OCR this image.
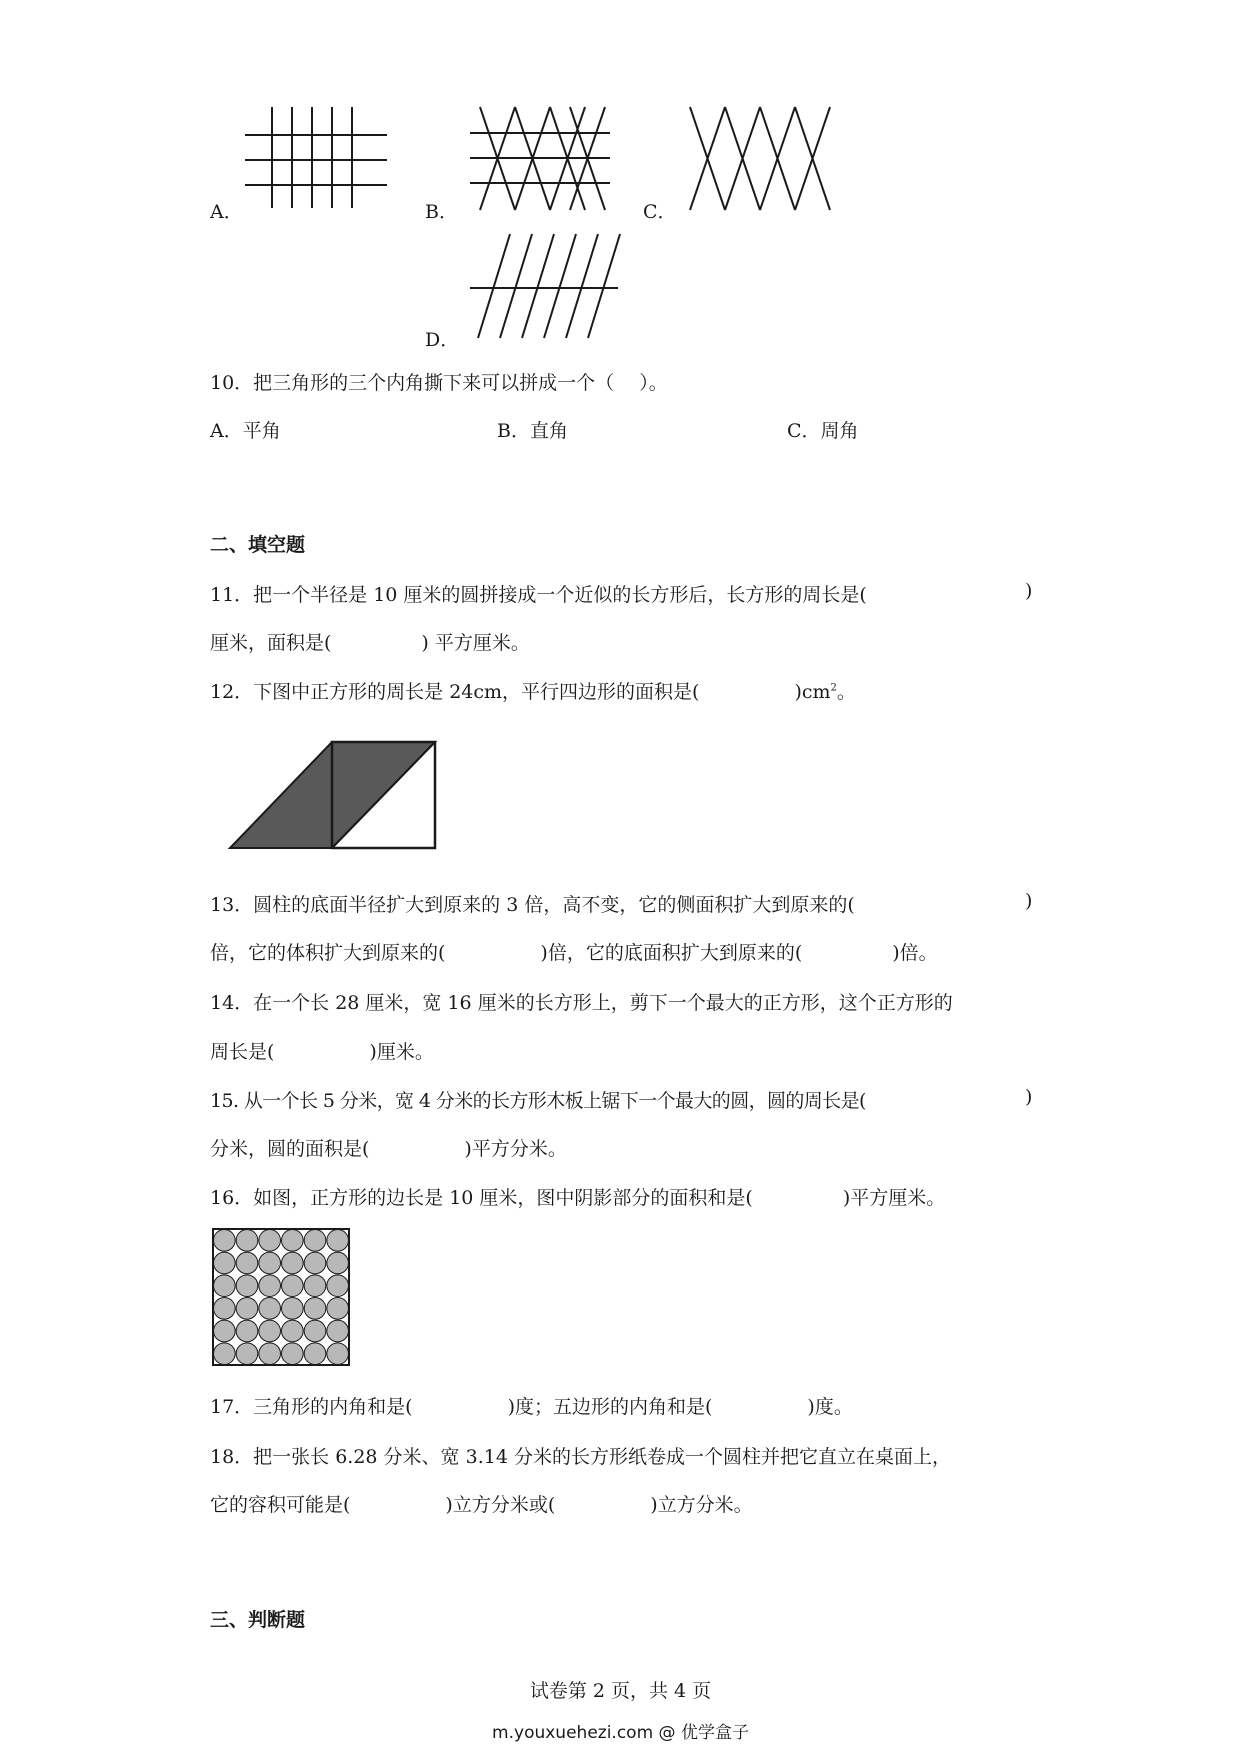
A．	B．	C．
D．
10．把三角形的三个内角撕下来可以拼成一个（　 ）。
A．平角	B．直角	C．周角
二、填空题
11．把一个半径是 10 厘米的圆拼接成一个近似的长方形后，长方形的周长是(	)
厘米，面积是(	) 平方厘米。
12．下图中正方形的周长是 24cm，平行四边形的面积是(	)$cm^2$。
13．圆柱的底面半径扩大到原来的 3 倍，高不变，它的侧面积扩大到原来的(	)
倍，它的体积扩大到原来的(	)倍，它的底面积扩大到原来的(	)倍。
14．在一个长 28 厘米，宽 16 厘米的长方形上，剪下一个最大的正方形，这个正方形的
周长是(	)厘米。
15. 从一个长 5 分米，宽 4 分米的长方形木板上锯下一个最大的圆，圆的周长是(	)
分米，圆的面积是(	)平方分米。
16．如图，正方形的边长是 10 厘米，图中阴影部分的面积和是(	)平方厘米。
17．三角形的内角和是(	)度；五边形的内角和是(	)度。
18．把一张长 6.28 分米、宽 3.14 分米的长方形纸卷成一个圆柱并把它直立在桌面上，
它的容积可能是(	)立方分米或(	)立方分米。
三、判断题
试卷第 2 页，共 4 页
m.youxuehezi.com @ 优学盒子
